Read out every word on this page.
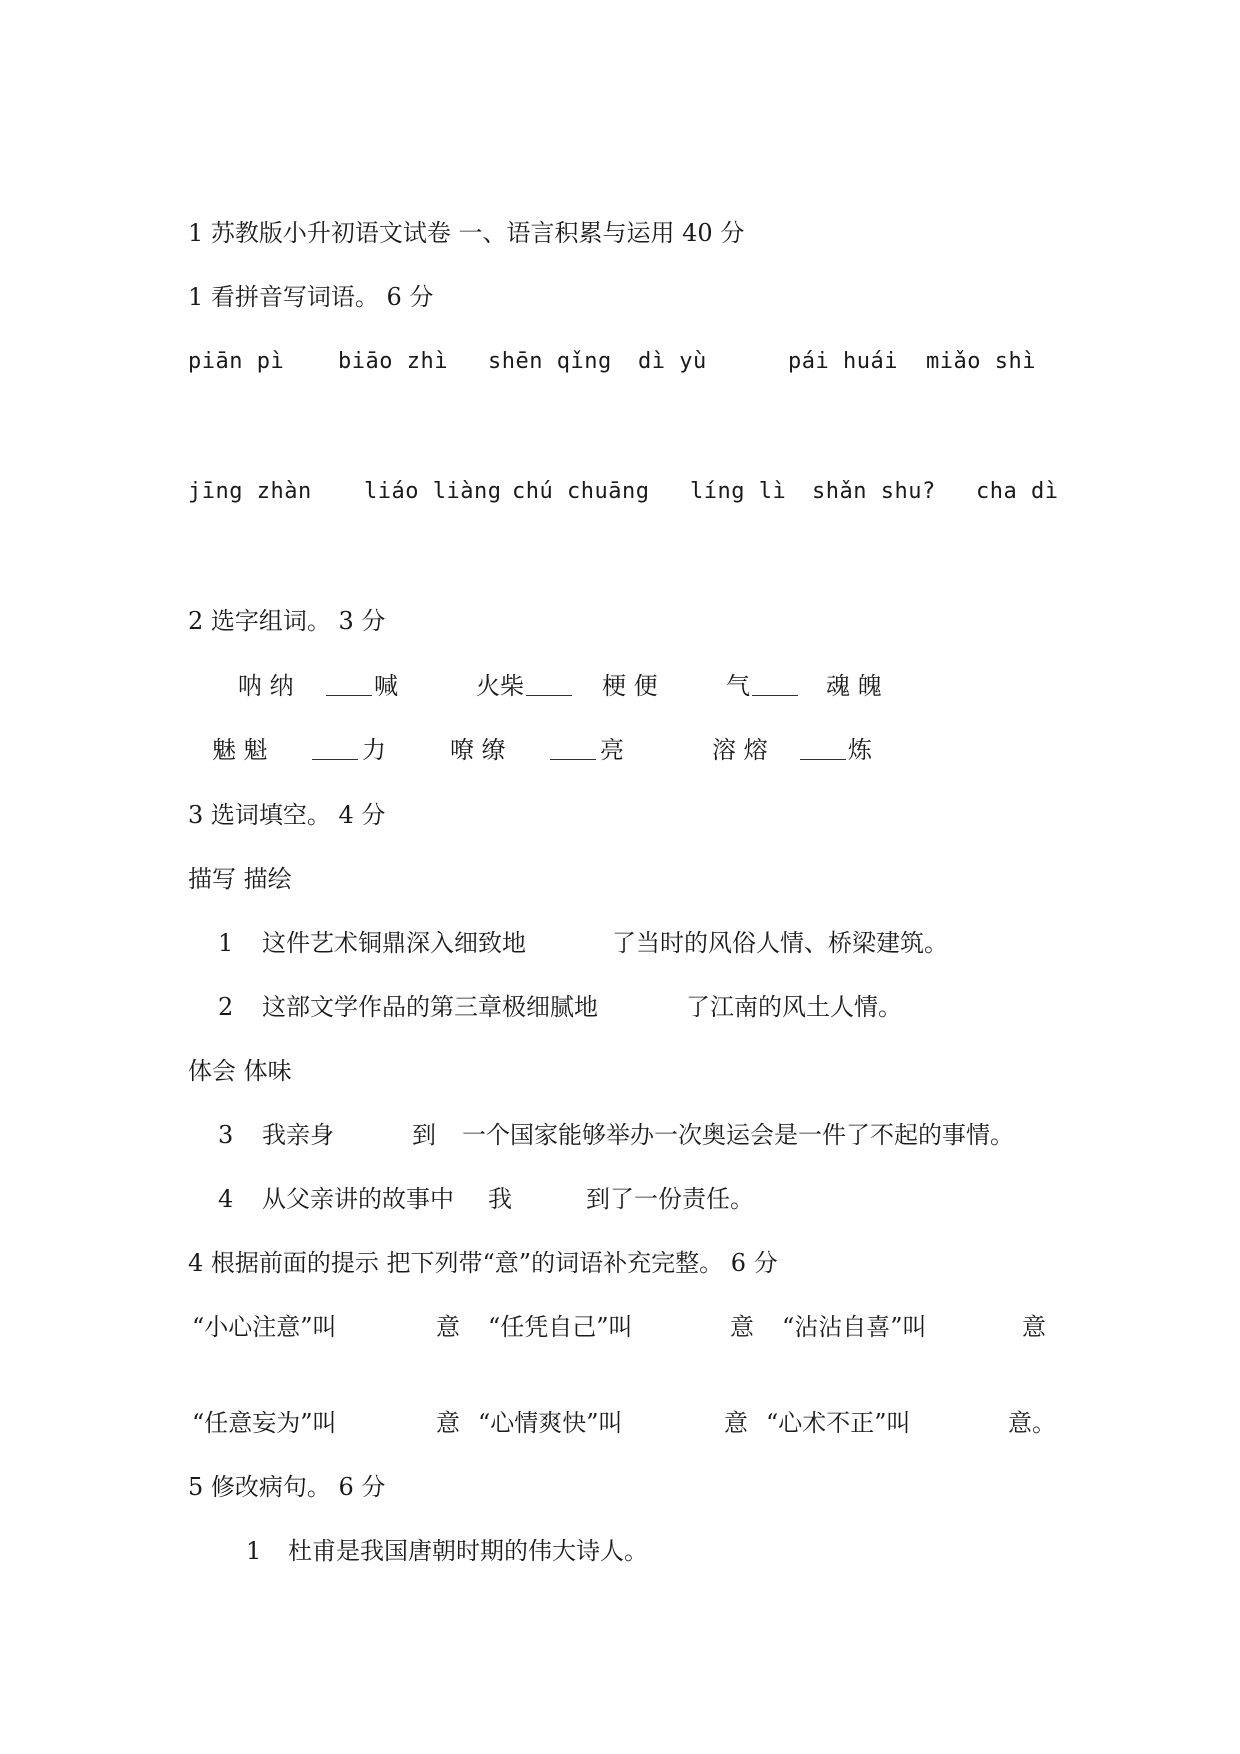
1 苏教版小升初语文试卷 一、语言积累与运用 40 分
1 看拼音写词语。 6 分
piān pì biāo zhì shēn qǐng dì yù	pái huái miǎo shì
jīng zhàn liáo liàng chú chuāng líng lì shǎn shu? cha dì
2 选字组词。 3 分
呐 纳	喊	火柴	梗 便	气	魂 魄
魅 魁	力	嘹 缭	亮	溶 熔	炼
3 选词填空。 4 分
描写 描绘
1 这件艺术铜鼎深入细致地	了当时的风俗人情、桥梁建筑。
2 这部文学作品的第三章极细腻地	了江南的风土人情。
体会 体味
3 我亲身	到 一个国家能够举办一次奥运会是一件了不起的事情。
4 从父亲讲的故事中 我	到了一份责任。
4 根据前面的提示 把下列带“意”的词语补充完整。 6 分
“小心注意”叫	意 “任凭自己”叫	意 “沾沾自喜”叫	意
“任意妄为”叫	意 “心情爽快”叫	意 “心术不正”叫	意。
5 修改病句。 6 分
1 杜甫是我国唐朝时期的伟大诗人。
